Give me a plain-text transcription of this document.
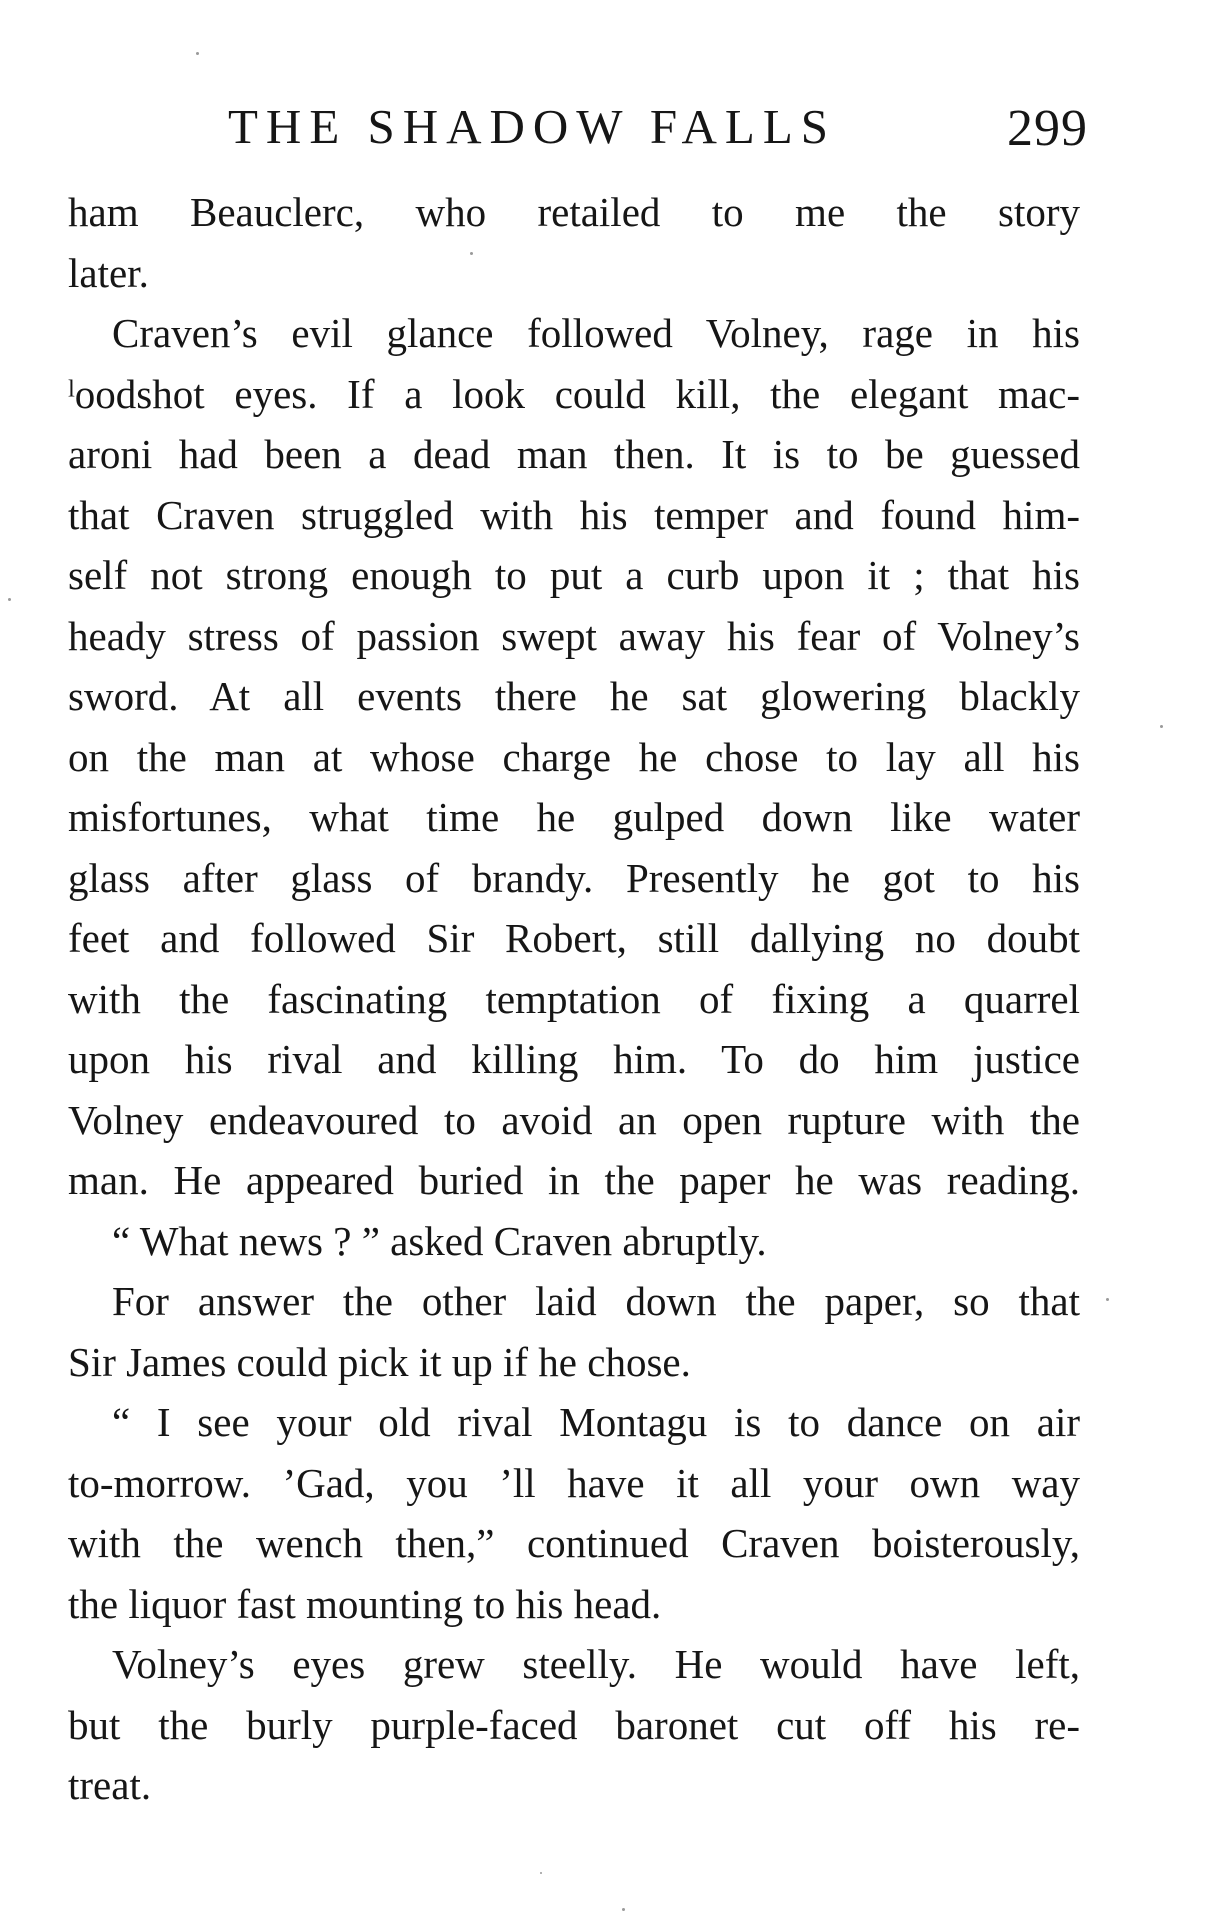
THE SHADOW FALLS	299
ham Beauclerc, who retailed to me the story
later.
Craven’s evil glance followed Volney, rage in his
ˡoodshot eyes. If a look could kill, the elegant mac-
aroni had been a dead man then. It is to be guessed
that Craven struggled with his temper and found him-
self not strong enough to put a curb upon it ; that his
heady stress of passion swept away his fear of Volney’s
sword. At all events there he sat glowering blackly
on the man at whose charge he chose to lay all his
misfortunes, what time he gulped down like water
glass after glass of brandy. Presently he got to his
feet and followed Sir Robert, still dallying no doubt
with the fascinating temptation of fixing a quarrel
upon his rival and killing him. To do him justice
Volney endeavoured to avoid an open rupture with the
man. He appeared buried in the paper he was reading.
“ What news ? ” asked Craven abruptly.
For answer the other laid down the paper, so that
Sir James could pick it up if he chose.
“ I see your old rival Montagu is to dance on air
to-morrow. ’Gad, you ’ll have it all your own way
with the wench then,” continued Craven boisterously,
the liquor fast mounting to his head.
Volney’s eyes grew steelly. He would have left,
but the burly purple-faced baronet cut off his re-
treat.
